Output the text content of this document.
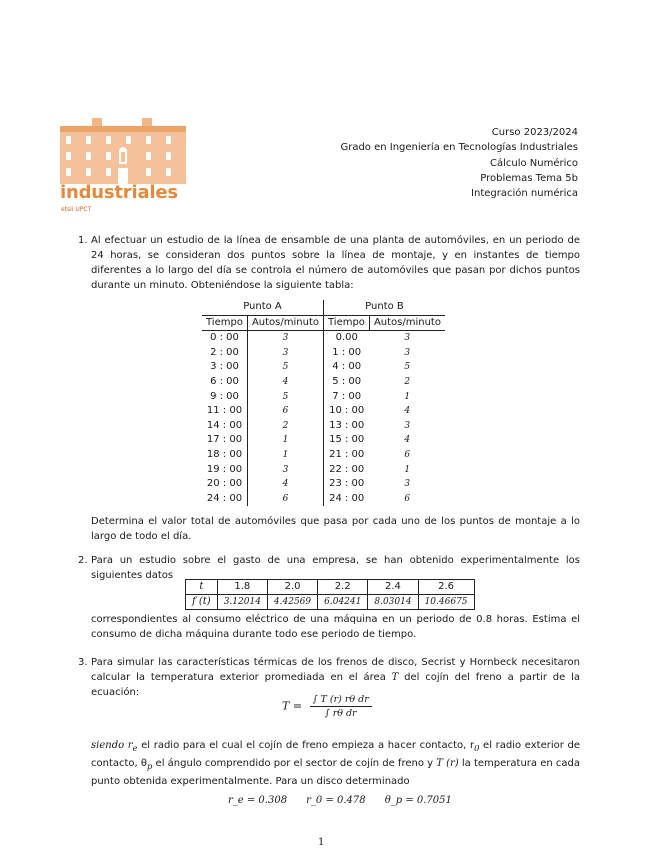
industriales
etsii UPCT
Curso 2023/2024
Grado en Ingeniería en Tecnologías Industriales
Cálculo Numérico
Problemas Tema 5b
Integración numérica
1. Al efectuar un estudio de la línea de ensamble de una planta de automóviles, en un periodo de 24 horas, se consideran dos puntos sobre la línea de montaje, y en instantes de tiempo diferentes a lo largo del día se controla el número de automóviles que pasan por dichos puntos durante un minuto. Obteniéndose la siguiente tabla:
Punto A		Punto B	
Tiempo	Autos/minuto	Tiempo	Autos/minuto
0 : 00	3	0.00	3
2 : 00	3	1 : 00	3
3 : 00	5	4 : 00	5
6 : 00	4	5 : 00	2
9 : 00	5	7 : 00	1
11 : 00	6	10 : 00	4
14 : 00	2	13 : 00	3
17 : 00	1	15 : 00	4
18 : 00	1	21 : 00	6
19 : 00	3	22 : 00	1
20 : 00	4	23 : 00	3
24 : 00	6	24 : 00	6
Determina el valor total de automóviles que pasa por cada uno de los puntos de montaje a lo largo de todo el día.
2. Para un estudio sobre el gasto de una empresa, se han obtenido experimentalmente los siguientes datos
t	1.8	2.0	2.2	2.4	2.6
f (t)	3.12014	4.42569	6.04241	8.03014	10.46675
correspondientes al consumo eléctrico de una máquina en un periodo de 0.8 horas. Estima el consumo de dicha máquina durante todo ese periodo de tiempo.
3. Para simular las características térmicas de los frenos de disco, Secrist y Hornbeck necesitaron calcular la temperatura exterior promediada en el área T del cojín del freno a partir de la ecuación:
$T = \frac{\text{∫ T (r) rθ dr}}{\text{∫ rθ dr}}$
siendo $r_e$ el radio para el cual el cojín de freno empieza a hacer contacto, $r_0$ el radio exterior de contacto, $\theta_p$ el ángulo comprendido por el sector de cojín de freno y T (r) la temperatura en cada punto obtenida experimentalmente. Para un disco determinado
r_e = 0.308      r_0 = 0.478      θ_p = 0.7051
1
